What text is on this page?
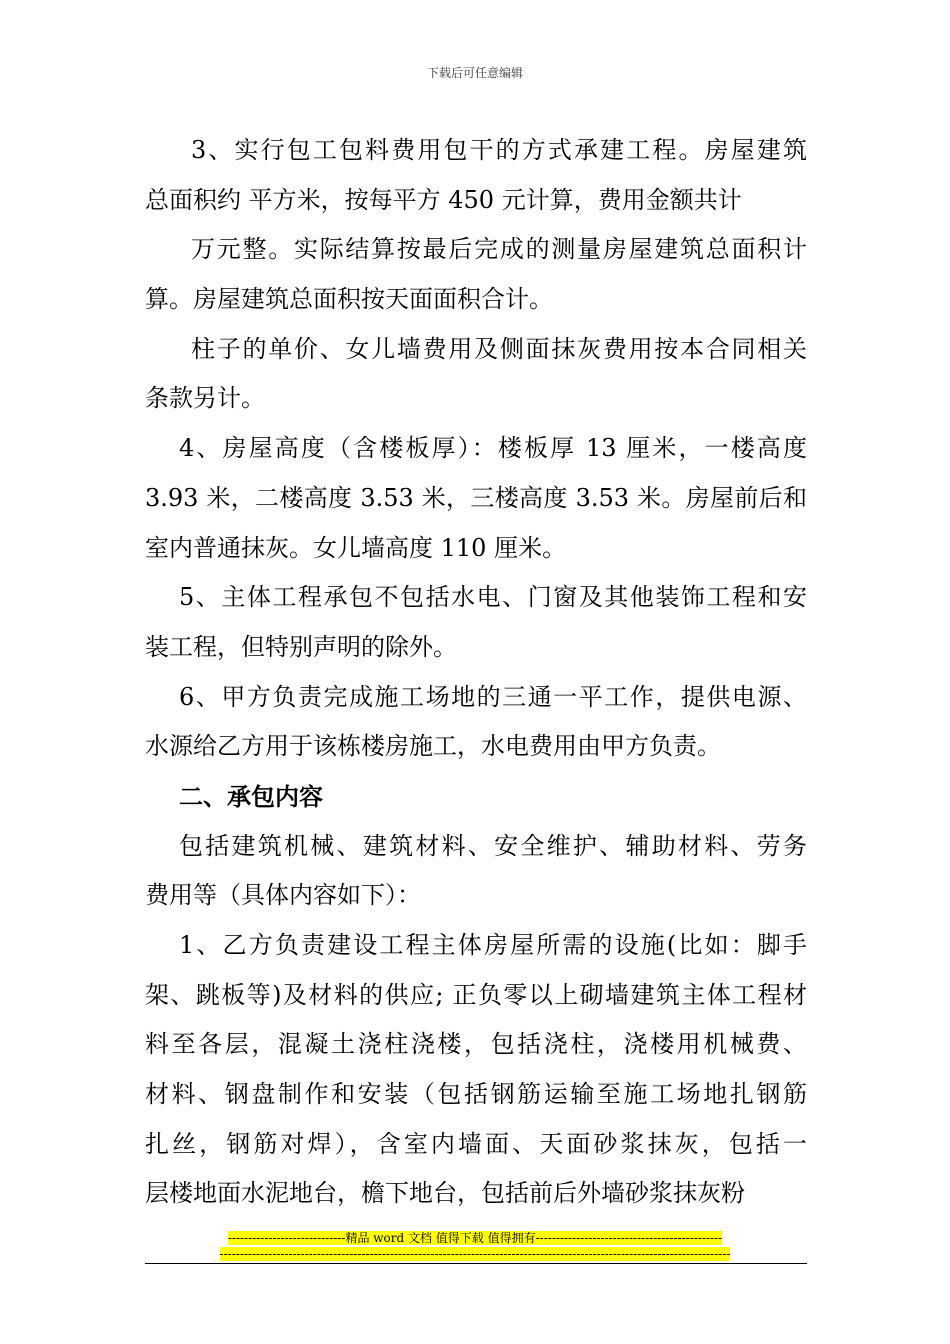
下载后可任意编辑
3、实行包工包料费用包干的方式承建工程。房屋建筑
总面积约 平方米，按每平方 450 元计算，费用金额共计
万元整。实际结算按最后完成的测量房屋建筑总面积计
算。房屋建筑总面积按天面面积合计。
柱子的单价、女儿墙费用及侧面抹灰费用按本合同相关
条款另计。
4、房屋高度（含楼板厚）：楼板厚 13 厘米，一楼高度
3.93 米，二楼高度 3.53 米，三楼高度 3.53 米。房屋前后和
室内普通抹灰。女儿墙高度 110 厘米。
5、主体工程承包不包括水电、门窗及其他装饰工程和安
装工程，但特别声明的除外。
6、甲方负责完成施工场地的三通一平工作，提供电源、
水源给乙方用于该栋楼房施工，水电费用由甲方负责。
二、承包内容
包括建筑机械、建筑材料、安全维护、辅助材料、劳务
费用等（具体内容如下）：
1、乙方负责建设工程主体房屋所需的设施(比如：脚手
架、跳板等)及材料的供应; 正负零以上砌墙建筑主体工程材
料至各层，混凝土浇柱浇楼，包括浇柱，浇楼用机械费、
材料、钢盘制作和安装（包括钢筋运输至施工场地扎钢筋
扎丝，钢筋对焊），含室内墙面、天面砂浆抹灰，包括一
层楼地面水泥地台，檐下地台，包括前后外墙砂浆抹灰粉
-----------------------------精品 word 文档 值得下载 值得拥有----------------------------------------------
------------------------------------------------------------------------------------------------------------------------------
